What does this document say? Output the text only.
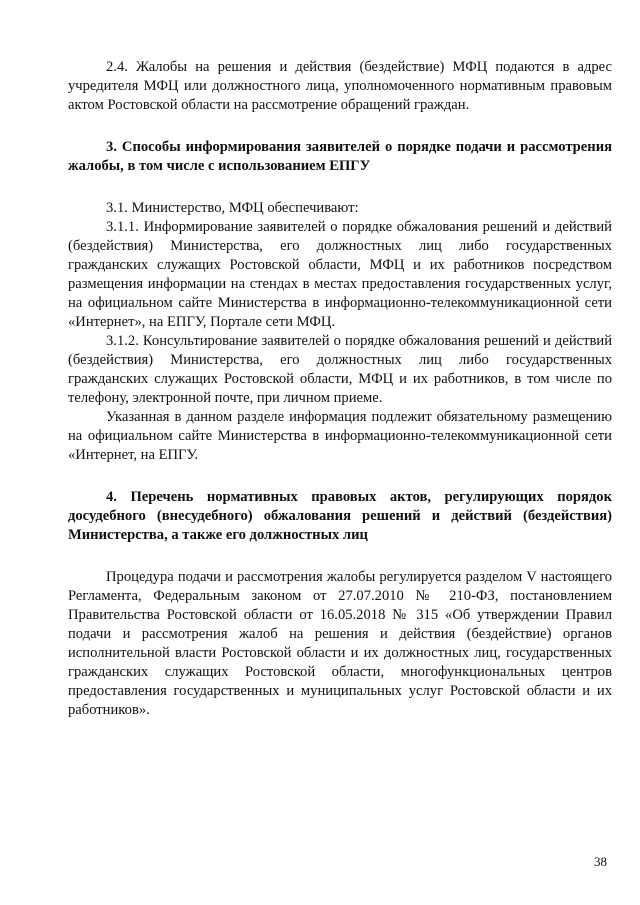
2.4. Жалобы на решения и действия (бездействие) МФЦ подаются в адрес учредителя МФЦ или должностного лица, уполномоченного нормативным правовым актом Ростовской области на рассмотрение обращений граждан.

3. Способы информирования заявителей о порядке подачи и рассмотрения жалобы, в том числе с использованием ЕПГУ

3.1. Министерство, МФЦ обеспечивают:

3.1.1. Информирование заявителей о порядке обжалования решений и действий (бездействия) Министерства, его должностных лиц либо государственных гражданских служащих Ростовской области, МФЦ и их работников посредством размещения информации на стендах в местах предоставления государственных услуг, на официальном сайте Министерства в информационно-телекоммуникационной сети «Интернет», на ЕПГУ, Портале сети МФЦ.

3.1.2. Консультирование заявителей о порядке обжалования решений и действий (бездействия) Министерства, его должностных лиц либо государственных гражданских служащих Ростовской области, МФЦ и их работников, в том числе по телефону, электронной почте, при личном приеме.

Указанная в данном разделе информация подлежит обязательному размещению на официальном сайте Министерства в информационно-телекоммуникационной сети «Интернет, на ЕПГУ.

4. Перечень нормативных правовых актов, регулирующих порядок досудебного (внесудебного) обжалования решений и действий (бездействия) Министерства, а также его должностных лиц

Процедура подачи и рассмотрения жалобы регулируется разделом V настоящего Регламента, Федеральным законом от 27.07.2010 № 210-ФЗ, постановлением Правительства Ростовской области от 16.05.2018 № 315 «Об утверждении Правил подачи и рассмотрения жалоб на решения и действия (бездействие) органов исполнительной власти Ростовской области и их должностных лиц, государственных гражданских служащих Ростовской области, многофункциональных центров предоставления государственных и муниципальных услуг Ростовской области и их работников».

38
